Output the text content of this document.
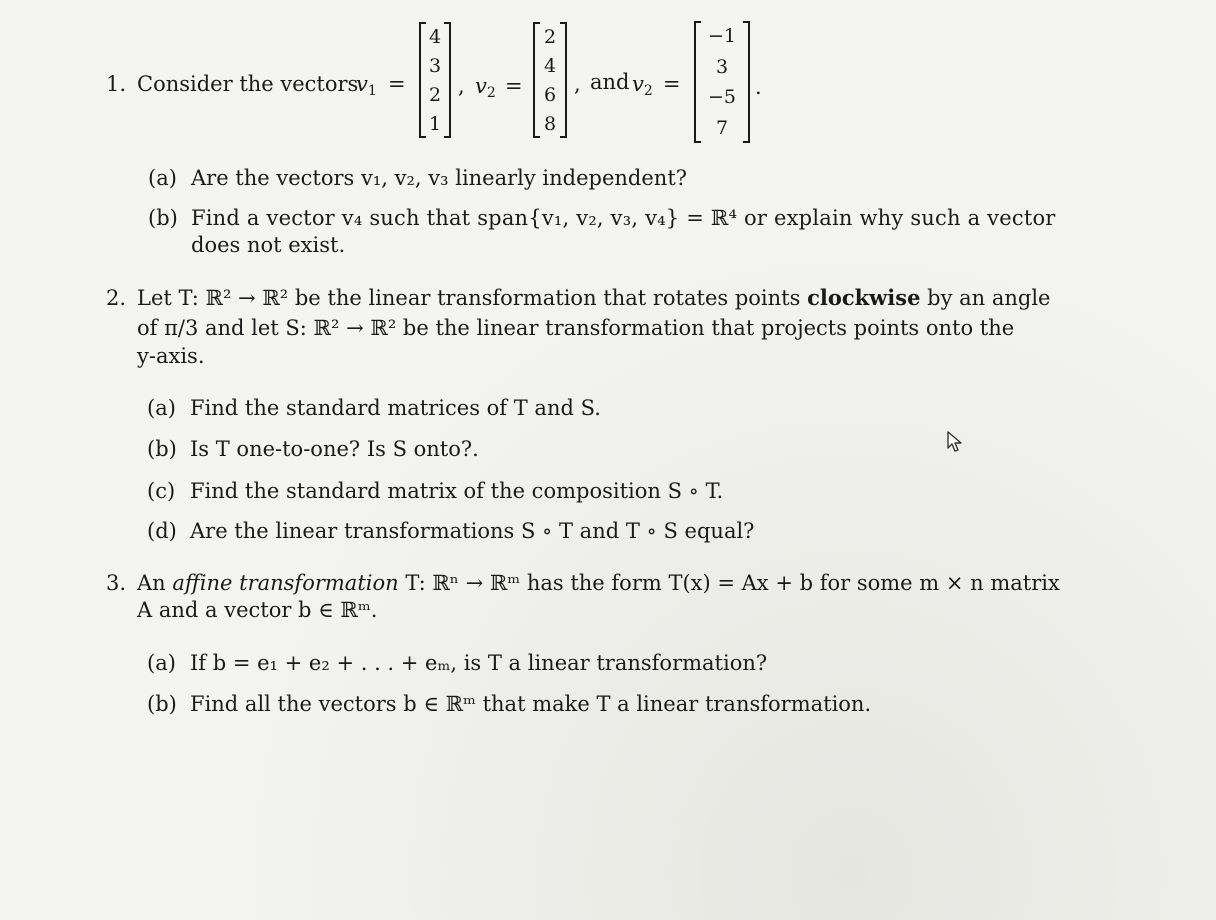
1. Consider the vectors
$v_1$ =
4
3
2
1
, $v_2$ =
2
4
6
8
, and $v_2$ =
−1
3
−5
7
.
(a) Are the vectors v₁, v₂, v₃ linearly independent?
(b) Find a vector v₄ such that span{v₁, v₂, v₃, v₄} = ℝ⁴ or explain why such a vector
does not exist.
2. Let T: ℝ² → ℝ² be the linear transformation that rotates points clockwise by an angle
of π/3 and let S: ℝ² → ℝ² be the linear transformation that projects points onto the
y-axis.
(a) Find the standard matrices of T and S.
(b) Is T one-to-one? Is S onto?.
(c) Find the standard matrix of the composition S ∘ T.
(d) Are the linear transformations S ∘ T and T ∘ S equal?
3. An affine transformation T: ℝⁿ → ℝᵐ has the form T(x) = Ax + b for some m × n matrix
A and a vector b ∈ ℝᵐ.
(a) If b = e₁ + e₂ + . . . + eₘ, is T a linear transformation?
(b) Find all the vectors b ∈ ℝᵐ that make T a linear transformation.
